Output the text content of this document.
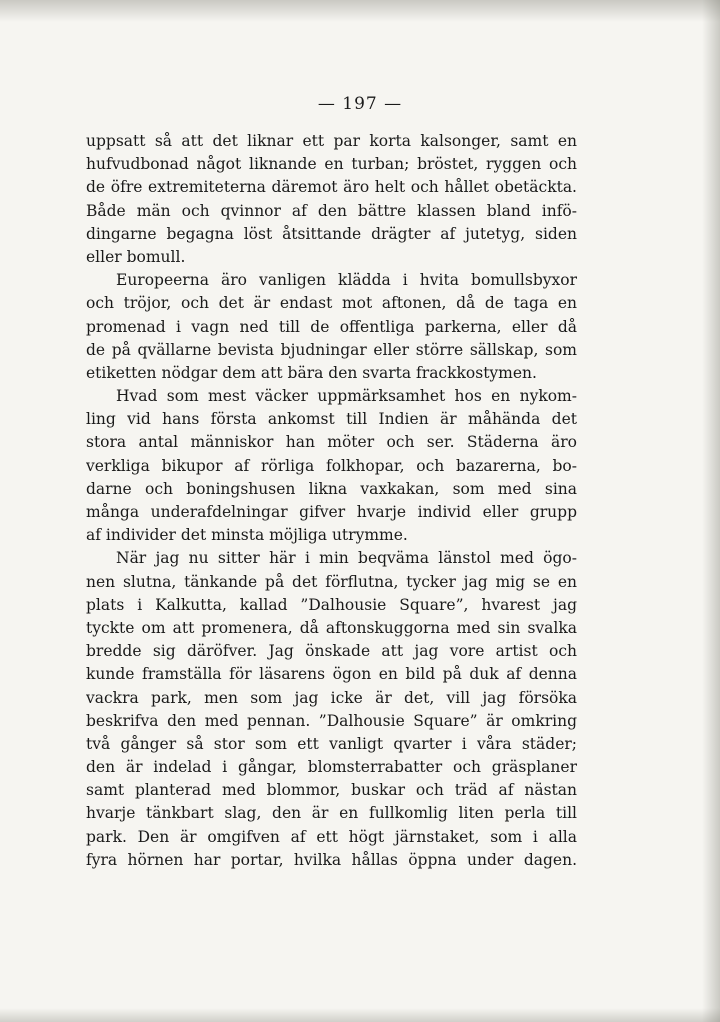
— 197 —
uppsatt så att det liknar ett par korta kalsonger, samt en
hufvudbonad något liknande en turban; bröstet, ryggen och
de öfre extremiteterna däremot äro helt och hållet obetäckta.
Både män och qvinnor af den bättre klassen bland infö-
dingarne begagna löst åtsittande drägter af jutetyg, siden
eller bomull.
Europeerna äro vanligen klädda i hvita bomullsbyxor
och tröjor, och det är endast mot aftonen, då de taga en
promenad i vagn ned till de offentliga parkerna, eller då
de på qvällarne bevista bjudningar eller större sällskap, som
etiketten nödgar dem att bära den svarta frackkostymen.
Hvad som mest väcker uppmärksamhet hos en nykom-
ling vid hans första ankomst till Indien är måhända det
stora antal människor han möter och ser. Städerna äro
verkliga bikupor af rörliga folkhopar, och bazarerna, bo-
darne och boningshusen likna vaxkakan, som med sina
många underafdelningar gifver hvarje individ eller grupp
af individer det minsta möjliga utrymme.
När jag nu sitter här i min beqväma länstol med ögo-
nen slutna, tänkande på det förflutna, tycker jag mig se en
plats i Kalkutta, kallad ”Dalhousie Square”, hvarest jag
tyckte om att promenera, då aftonskuggorna med sin svalka
bredde sig däröfver. Jag önskade att jag vore artist och
kunde framställa för läsarens ögon en bild på duk af denna
vackra park, men som jag icke är det, vill jag försöka
beskrifva den med pennan. ”Dalhousie Square” är omkring
två gånger så stor som ett vanligt qvarter i våra städer;
den är indelad i gångar, blomsterrabatter och gräsplaner
samt planterad med blommor, buskar och träd af nästan
hvarje tänkbart slag, den är en fullkomlig liten perla till
park. Den är omgifven af ett högt järnstaket, som i alla
fyra hörnen har portar, hvilka hållas öppna under dagen.
